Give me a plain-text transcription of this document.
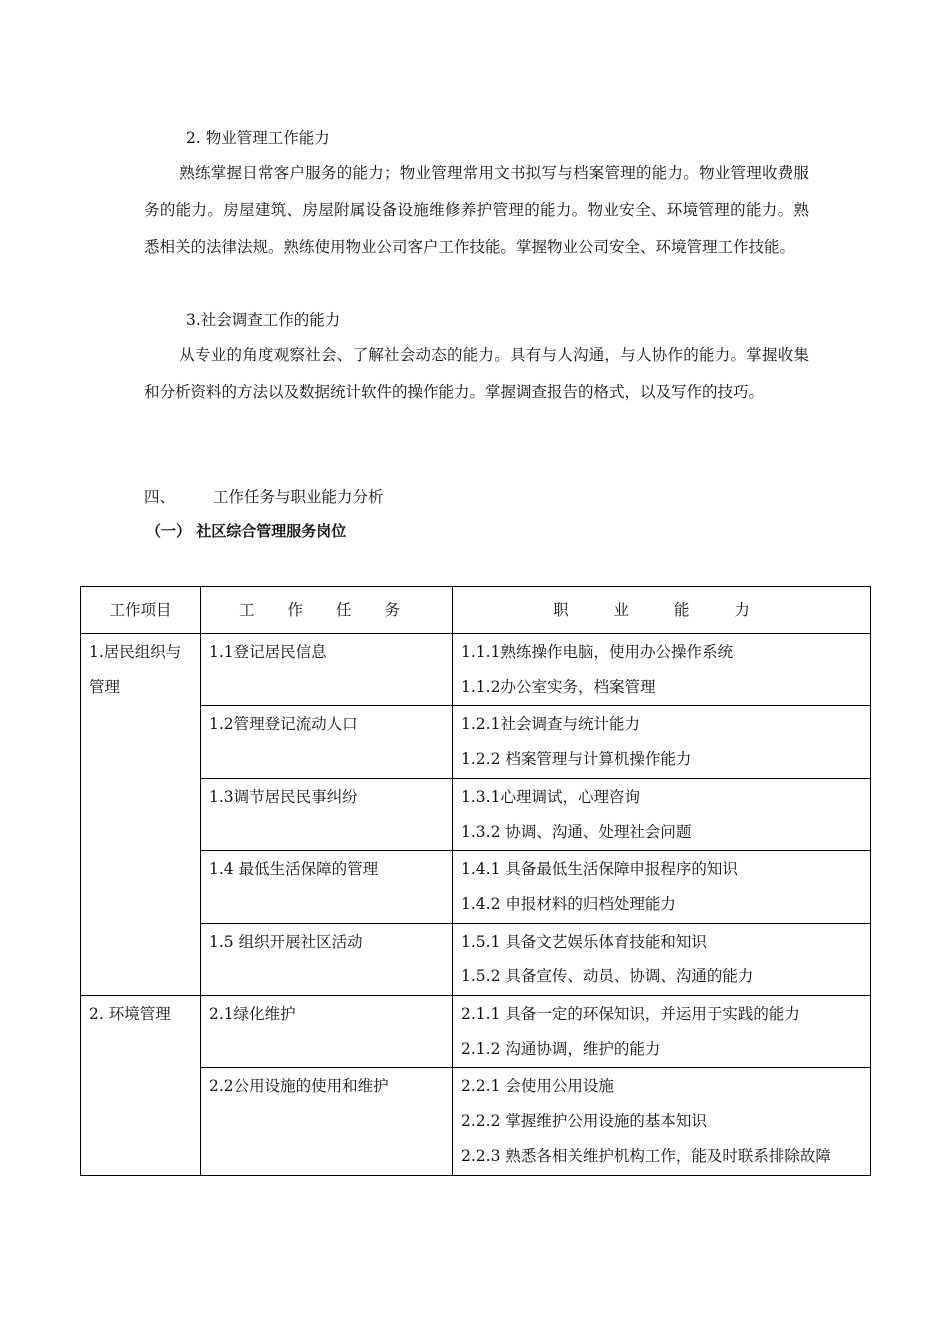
2. 物业管理工作能力
熟练掌握日常客户服务的能力；物业管理常用文书拟写与档案管理的能力。物业管理收费服务的能力。房屋建筑、房屋附属设备设施维修养护管理的能力。物业安全、环境管理的能力。熟悉相关的法律法规。熟练使用物业公司客户工作技能。掌握物业公司安全、环境管理工作技能。
3.社会调查工作的能力
从专业的角度观察社会、了解社会动态的能力。具有与人沟通，与人协作的能力。掌握收集和分析资料的方法以及数据统计软件的操作能力。掌握调查报告的格式，以及写作的技巧。
四、 工作任务与职业能力分析
（一） 社区综合管理服务岗位
工作项目	工 作 任 务	职 业 能 力
1.居民组织与管理	1.1登记居民信息	1.1.1熟练操作电脑，使用办公操作系统
1.1.2办公室实务，档案管理

	1.2管理登记流动人口	1.2.1社会调查与统计能力
1.2.2 档案管理与计算机操作能力

	1.3调节居民民事纠纷	1.3.1心理调试，心理咨询
1.3.2 协调、沟通、处理社会问题

	1.4 最低生活保障的管理	1.4.1 具备最低生活保障申报程序的知识
1.4.2 申报材料的归档处理能力

	1.5 组织开展社区活动	1.5.1 具备文艺娱乐体育技能和知识
1.5.2 具备宣传、动员、协调、沟通的能力

2. 环境管理	2.1绿化维护	2.1.1 具备一定的环保知识，并运用于实践的能力
2.1.2 沟通协调，维护的能力

	2.2公用设施的使用和维护	2.2.1 会使用公用设施
2.2.2 掌握维护公用设施的基本知识
2.2.3 熟悉各相关维护机构工作，能及时联系排除故障
